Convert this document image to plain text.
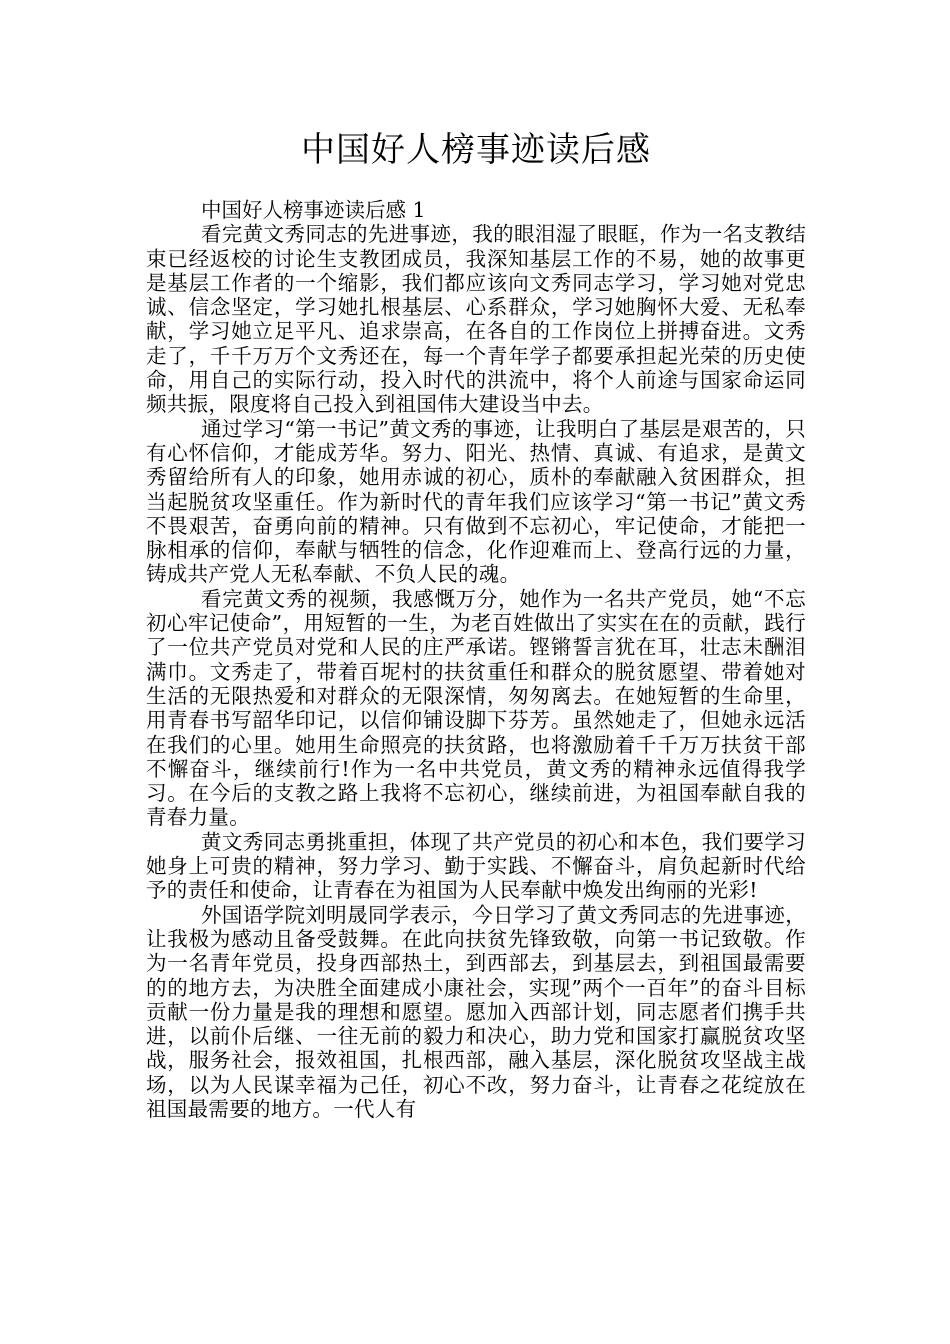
中国好人榜事迹读后感

中国好人榜事迹读后感 1

看完黄文秀同志的先进事迹，我的眼泪湿了眼眶，作为一名支教结束已经返校的讨论生支教团成员，我深知基层工作的不易，她的故事更是基层工作者的一个缩影，我们都应该向文秀同志学习，学习她对党忠诚、信念坚定，学习她扎根基层、心系群众，学习她胸怀大爱、无私奉献，学习她立足平凡、追求崇高，在各自的工作岗位上拼搏奋进。文秀走了，千千万万个文秀还在，每一个青年学子都要承担起光荣的历史使命，用自己的实际行动，投入时代的洪流中，将个人前途与国家命运同频共振，限度将自己投入到祖国伟大建设当中去。

通过学习“第一书记”黄文秀的事迹，让我明白了基层是艰苦的，只有心怀信仰，才能成芳华。努力、阳光、热情、真诚、有追求，是黄文秀留给所有人的印象，她用赤诚的初心，质朴的奉献融入贫困群众，担当起脱贫攻坚重任。作为新时代的青年我们应该学习“第一书记”黄文秀不畏艰苦，奋勇向前的精神。只有做到不忘初心，牢记使命，才能把一脉相承的信仰，奉献与牺牲的信念，化作迎难而上、登高行远的力量，铸成共产党人无私奉献、不负人民的魂。

看完黄文秀的视频，我感慨万分，她作为一名共产党员，她“不忘初心牢记使命”，用短暂的一生，为老百姓做出了实实在在的贡献，践行了一位共产党员对党和人民的庄严承诺。铿锵誓言犹在耳，壮志未酬泪满巾。文秀走了，带着百坭村的扶贫重任和群众的脱贫愿望、带着她对生活的无限热爱和对群众的无限深情，匆匆离去。在她短暂的生命里，用青春书写韶华印记，以信仰铺设脚下芬芳。虽然她走了，但她永远活在我们的心里。她用生命照亮的扶贫路，也将激励着千千万万扶贫干部不懈奋斗，继续前行!作为一名中共党员，黄文秀的精神永远值得我学习。在今后的支教之路上我将不忘初心，继续前进，为祖国奉献自我的青春力量。

黄文秀同志勇挑重担，体现了共产党员的初心和本色，我们要学习她身上可贵的精神，努力学习、勤于实践、不懈奋斗，肩负起新时代给予的责任和使命，让青春在为祖国为人民奉献中焕发出绚丽的光彩!

外国语学院刘明晟同学表示，今日学习了黄文秀同志的先进事迹，让我极为感动且备受鼓舞。在此向扶贫先锋致敬，向第一书记致敬。作为一名青年党员，投身西部热土，到西部去，到基层去，到祖国最需要的的地方去，为决胜全面建成小康社会，实现”两个一百年”的奋斗目标贡献一份力量是我的理想和愿望。愿加入西部计划，同志愿者们携手共进，以前仆后继、一往无前的毅力和决心，助力党和国家打赢脱贫攻坚战，服务社会，报效祖国，扎根西部，融入基层，深化脱贫攻坚战主战场，以为人民谋幸福为己任，初心不改，努力奋斗，让青春之花绽放在祖国最需要的地方。一代人有
